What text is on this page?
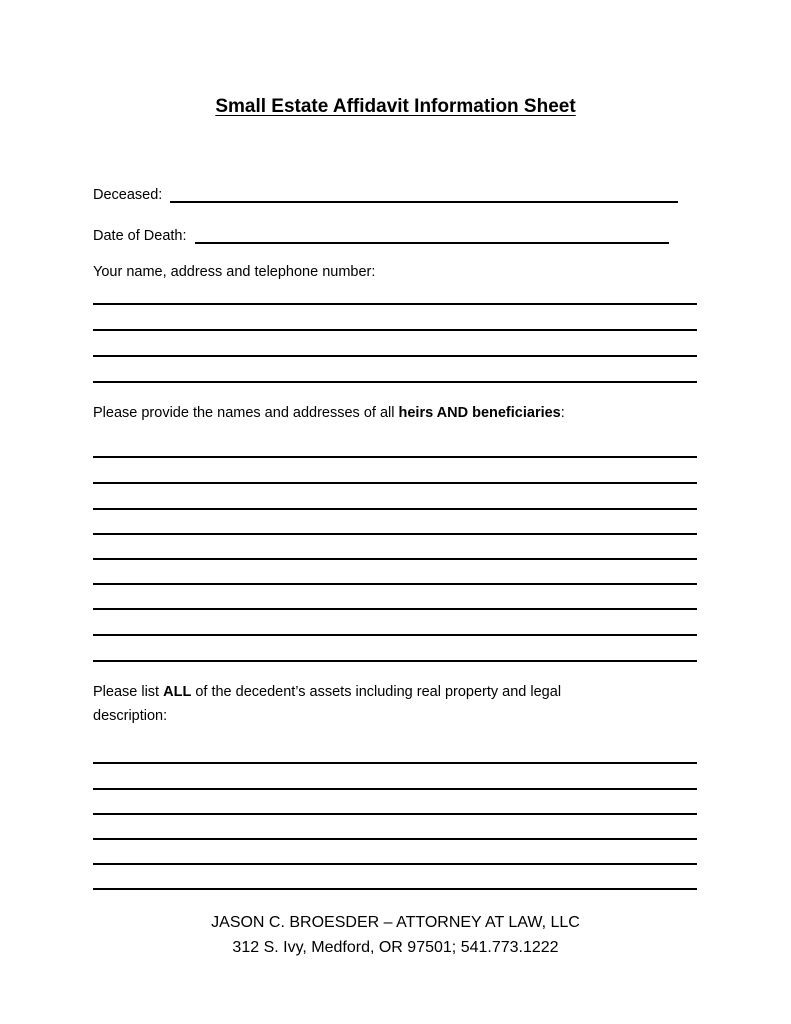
Small Estate Affidavit Information Sheet
Deceased:
Date of Death:

Your name, address and telephone number:

Please provide the names and addresses of all heirs AND beneficiaries:

Please list ALL of the decedent’s assets including real property and legal
description:

JASON C. BROESDER – ATTORNEY AT LAW, LLC

312 S. Ivy, Medford, OR 97501; 541.773.1222
